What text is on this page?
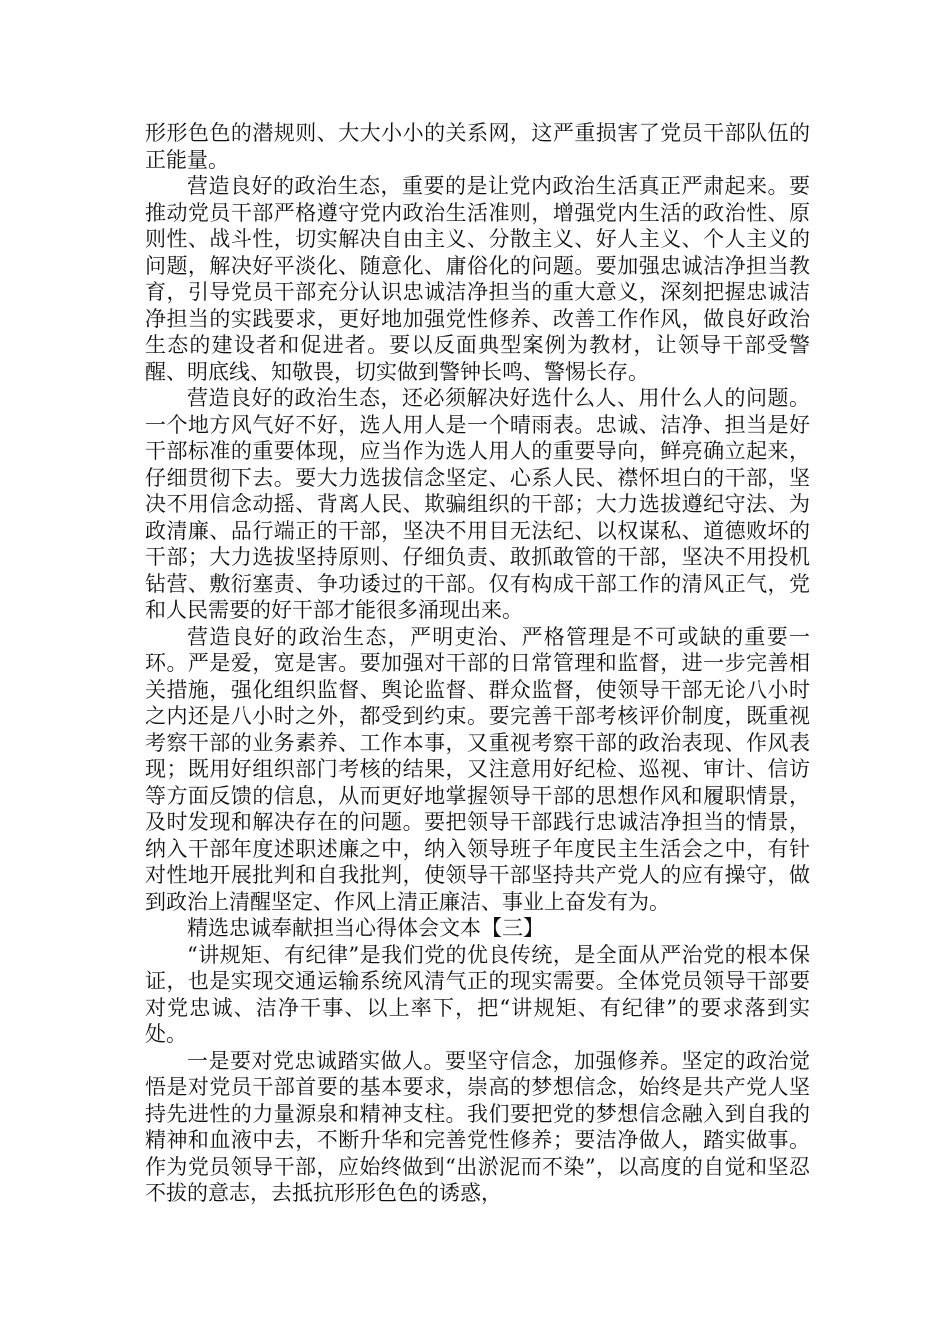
形形色色的潜规则、大大小小的关系网，这严重损害了党员干部队伍的正能量。

营造良好的政治生态，重要的是让党内政治生活真正严肃起来。要推动党员干部严格遵守党内政治生活准则，增强党内生活的政治性、原则性、战斗性，切实解决自由主义、分散主义、好人主义、个人主义的问题，解决好平淡化、随意化、庸俗化的问题。要加强忠诚洁净担当教育，引导党员干部充分认识忠诚洁净担当的重大意义，深刻把握忠诚洁净担当的实践要求，更好地加强党性修养、改善工作作风，做良好政治生态的建设者和促进者。要以反面典型案例为教材，让领导干部受警醒、明底线、知敬畏，切实做到警钟长鸣、警惕长存。

营造良好的政治生态，还必须解决好选什么人、用什么人的问题。一个地方风气好不好，选人用人是一个晴雨表。忠诚、洁净、担当是好干部标准的重要体现，应当作为选人用人的重要导向，鲜亮确立起来，仔细贯彻下去。要大力选拔信念坚定、心系人民、襟怀坦白的干部，坚决不用信念动摇、背离人民、欺骗组织的干部；大力选拔遵纪守法、为政清廉、品行端正的干部，坚决不用目无法纪、以权谋私、道德败坏的干部；大力选拔坚持原则、仔细负责、敢抓敢管的干部，坚决不用投机钻营、敷衍塞责、争功诿过的干部。仅有构成干部工作的清风正气，党和人民需要的好干部才能很多涌现出来。

营造良好的政治生态，严明吏治、严格管理是不可或缺的重要一环。严是爱，宽是害。要加强对干部的日常管理和监督，进一步完善相关措施，强化组织监督、舆论监督、群众监督，使领导干部无论八小时之内还是八小时之外，都受到约束。要完善干部考核评价制度，既重视考察干部的业务素养、工作本事，又重视考察干部的政治表现、作风表现；既用好组织部门考核的结果，又注意用好纪检、巡视、审计、信访等方面反馈的信息，从而更好地掌握领导干部的思想作风和履职情景，及时发现和解决存在的问题。要把领导干部践行忠诚洁净担当的情景，纳入干部年度述职述廉之中，纳入领导班子年度民主生活会之中，有针对性地开展批判和自我批判，使领导干部坚持共产党人的应有操守，做到政治上清醒坚定、作风上清正廉洁、事业上奋发有为。

精选忠诚奉献担当心得体会文本【三】

“讲规矩、有纪律”是我们党的优良传统，是全面从严治党的根本保证，也是实现交通运输系统风清气正的现实需要。全体党员领导干部要对党忠诚、洁净干事、以上率下，把“讲规矩、有纪律”的要求落到实处。

一是要对党忠诚踏实做人。要坚守信念，加强修养。坚定的政治觉悟是对党员干部首要的基本要求，崇高的梦想信念，始终是共产党人坚持先进性的力量源泉和精神支柱。我们要把党的梦想信念融入到自我的精神和血液中去，不断升华和完善党性修养；要洁净做人，踏实做事。作为党员领导干部，应始终做到“出淤泥而不染”，以高度的自觉和坚忍不拔的意志，去抵抗形形色色的诱惑，
